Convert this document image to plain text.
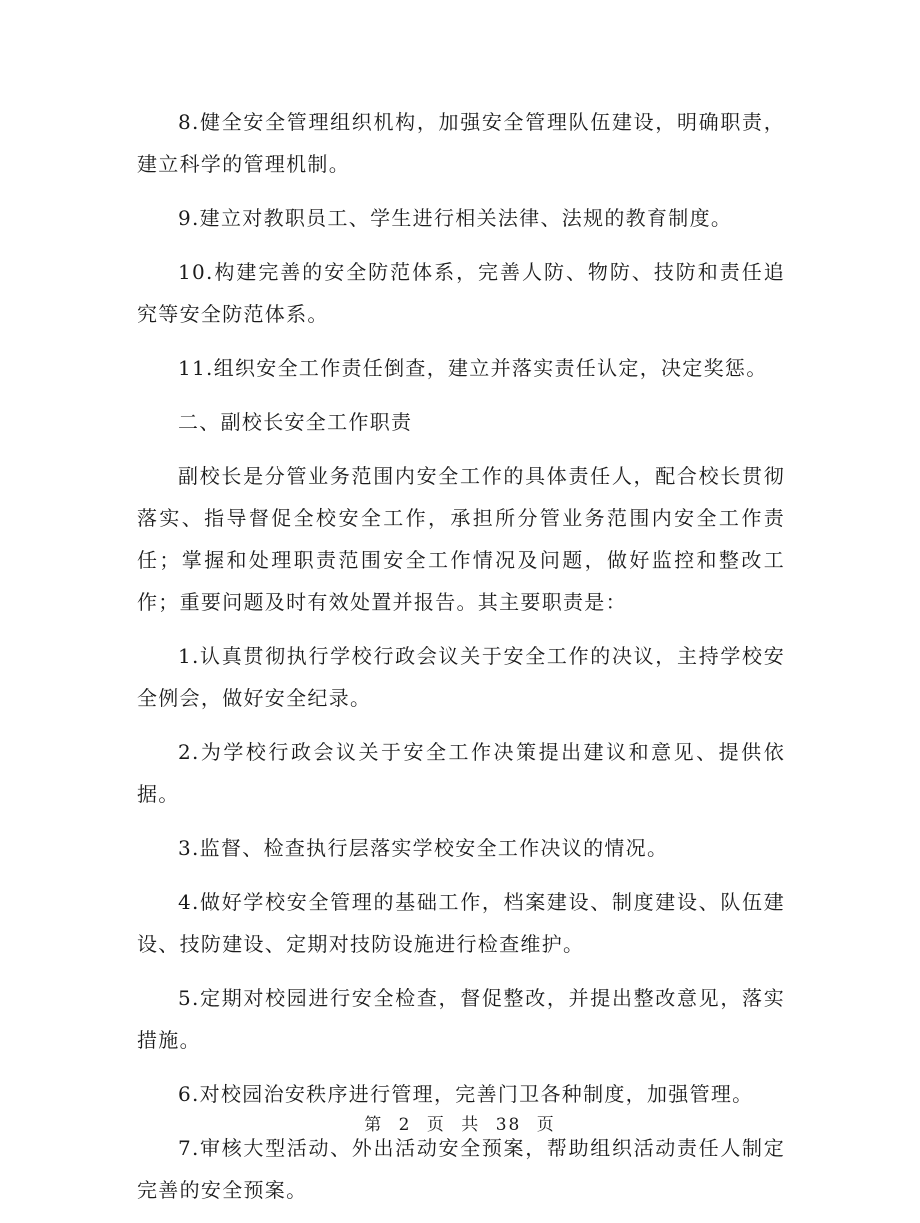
8.健全安全管理组织机构，加强安全管理队伍建设，明确职责，建立科学的管理机制。

9.建立对教职员工、学生进行相关法律、法规的教育制度。

10.构建完善的安全防范体系，完善人防、物防、技防和责任追究等安全防范体系。

11.组织安全工作责任倒查，建立并落实责任认定，决定奖惩。

二、副校长安全工作职责

副校长是分管业务范围内安全工作的具体责任人，配合校长贯彻落实、指导督促全校安全工作，承担所分管业务范围内安全工作责任；掌握和处理职责范围安全工作情况及问题，做好监控和整改工作；重要问题及时有效处置并报告。其主要职责是：

1.认真贯彻执行学校行政会议关于安全工作的决议，主持学校安全例会，做好安全纪录。

2.为学校行政会议关于安全工作决策提出建议和意见、提供依据。

3.监督、检查执行层落实学校安全工作决议的情况。

4.做好学校安全管理的基础工作，档案建设、制度建设、队伍建设、技防建设、定期对技防设施进行检查维护。

5.定期对校园进行安全检查，督促整改，并提出整改意见，落实措施。

6.对校园治安秩序进行管理，完善门卫各种制度，加强管理。

7.审核大型活动、外出活动安全预案，帮助组织活动责任人制定完善的安全预案。

第 2 页 共 38 页
